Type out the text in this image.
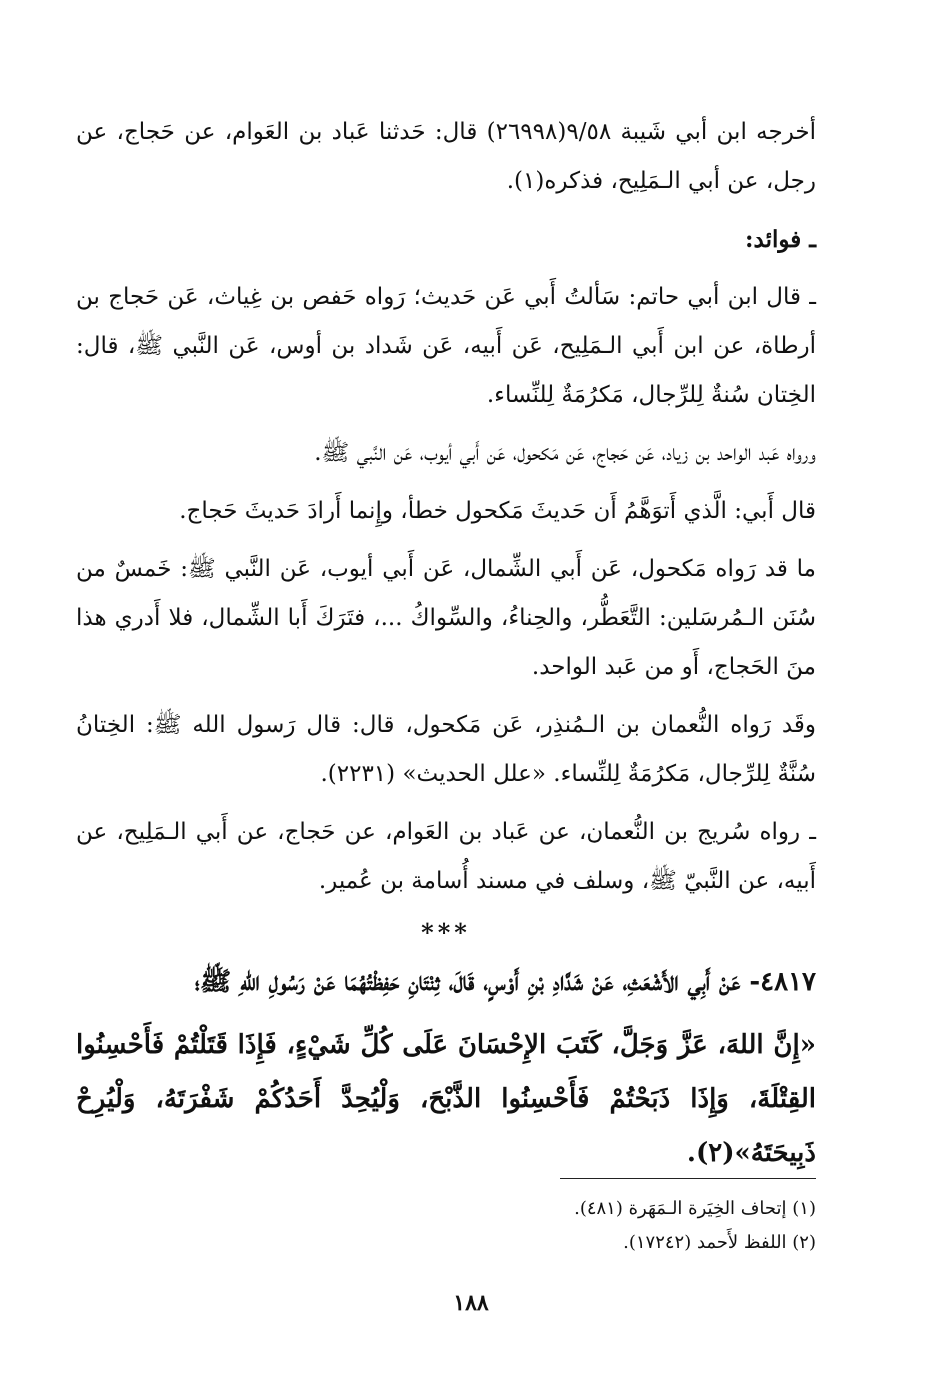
أخرجه ابن أبي شَيبة ٩/٥٨(٢٦٩٩٨) قال: حَدثنا عَباد بن العَوام، عن حَجاج، عن رجل، عن أبي الـمَلِيح، فذكره(١).

ـ فوائد:

ـ قال ابن أبي حاتم: سَألتُ أَبي عَن حَديث؛ رَواه حَفص بن غِياث، عَن حَجاج بن أرطاة، عن ابن أَبي الـمَلِيح، عَن أَبيه، عَن شَداد بن أوس، عَن النَّبي ﷺ، قال: الخِتان سُنةٌ لِلرِّجال، مَكرُمَةٌ لِلنِّساء.

ورواه عَبد الواحد بن زياد، عَن حَجاج، عَن مَكحول، عَن أَبي أيوب، عَن النَّبي ﷺ.

قال أَبي: الَّذي أَتوَهَّمُ أَن حَديثَ مَكحول خطأ، وإِنما أَرادَ حَديثَ حَجاج.

ما قد رَواه مَكحول، عَن أَبي الشِّمال، عَن أَبي أيوب، عَن النَّبي ﷺ: خَمسٌ من سُنَن الـمُرسَلين: التَّعَطُّر، والحِناءُ، والسِّواكُ ...، فتَرَكَ أَبا الشِّمال، فلا أَدري هذا منَ الحَجاج، أَو من عَبد الواحد.

وقَد رَواه النُّعمان بن الـمُنذِر، عَن مَكحول، قال: قال رَسول الله ﷺ: الخِتانُ سُنَّةٌ لِلرِّجال، مَكرُمَةٌ لِلنِّساء. «علل الحديث» (٢٢٣١).

ـ رواه سُريج بن النُّعمان، عن عَباد بن العَوام، عن حَجاج، عن أَبي الـمَلِيح، عن أَبيه، عن النَّبيّ ﷺ، وسلف في مسند أُسامة بن عُمير.

***

٤٨١٧- عَنْ أَبِي الأَشْعَثِ، عَنْ شَدَّادِ بْنِ أَوْسٍ، قَالَ، ثِنْتَانِ حَفِظْتُهُمَا عَنْ رَسُولِ اللهِ ﷺ؛

«إِنَّ اللهَ، عَزَّ وَجَلَّ، كَتَبَ الإِحْسَانَ عَلَى كُلِّ شَيْءٍ، فَإِذَا قَتَلْتُمْ فَأَحْسِنُوا القِتْلَةَ، وَإِذَا ذَبَحْتُمْ فَأَحْسِنُوا الذَّبْحَ، وَلْيُحِدَّ أَحَدُكُمْ شَفْرَتَهُ، وَلْيُرِحْ ذَبِيحَتَهُ»(٢).

(١) إتحاف الخِيَرة الـمَهَرة (٤٨١).
(٢) اللفظ لأَحمد (١٧٢٤٢).
١٨٨
